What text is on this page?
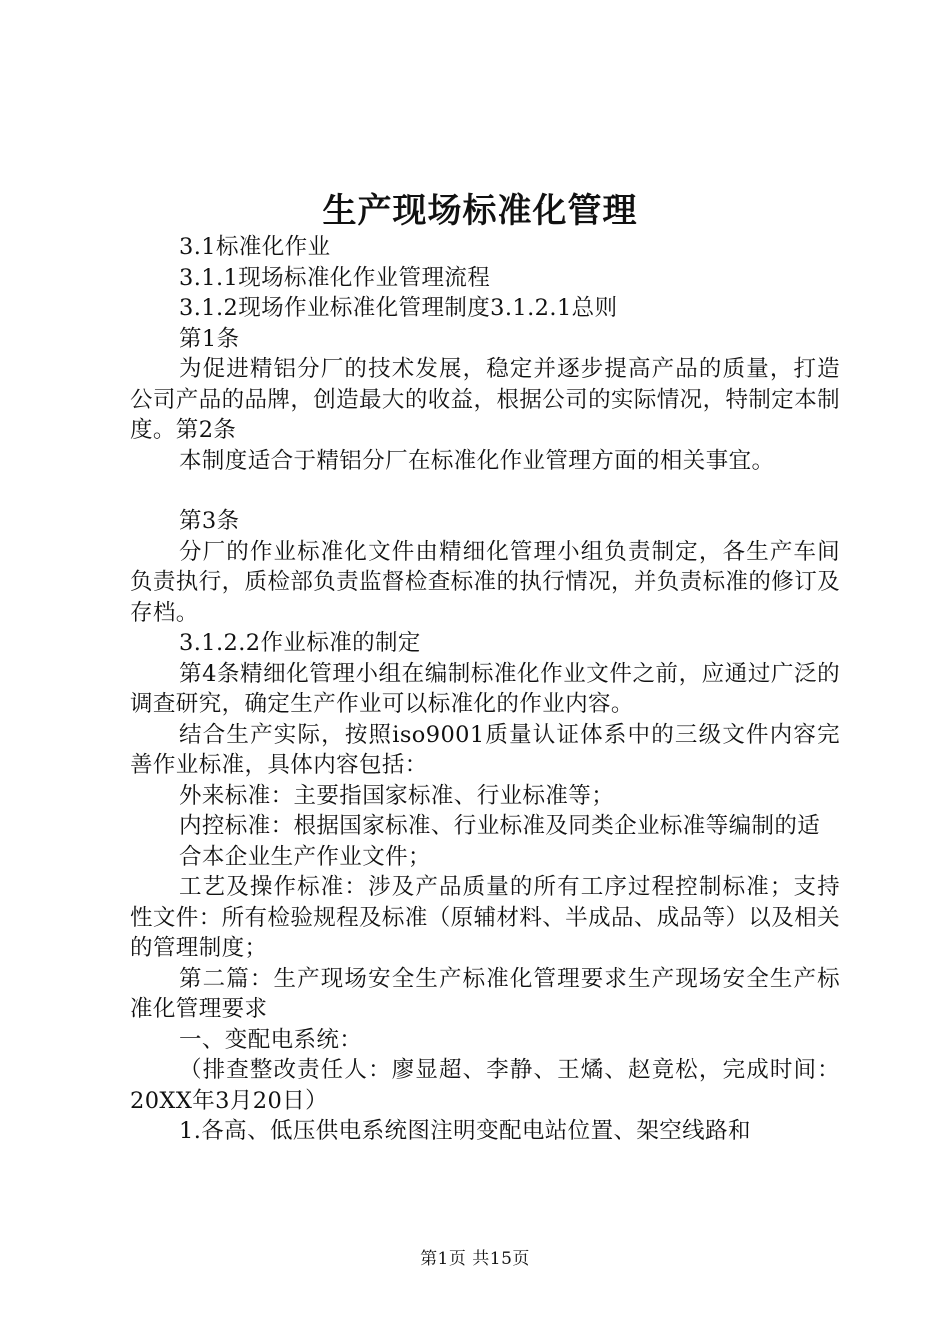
生产现场标准化管理

3.1标准化作业

3.1.1现场标准化作业管理流程

3.1.2现场作业标准化管理制度3.1.2.1总则

第1条

为促进精铝分厂的技术发展，稳定并逐步提高产品的质量，打造公司产品的品牌，创造最大的收益，根据公司的实际情况，特制定本制度。第2条

本制度适合于精铝分厂在标准化作业管理方面的相关事宜。

第3条

分厂的作业标准化文件由精细化管理小组负责制定，各生产车间负责执行，质检部负责监督检查标准的执行情况，并负责标准的修订及存档。

3.1.2.2作业标准的制定

第4条精细化管理小组在编制标准化作业文件之前，应通过广泛的调查研究，确定生产作业可以标准化的作业内容。

结合生产实际，按照iso9001质量认证体系中的三级文件内容完善作业标准，具体内容包括：

外来标准：主要指国家标准、行业标准等；

内控标准：根据国家标准、行业标准及同类企业标准等编制的适

合本企业生产作业文件；

工艺及操作标准：涉及产品质量的所有工序过程控制标准；支持性文件：所有检验规程及标准（原辅材料、半成品、成品等）以及相关的管理制度；

第二篇：生产现场安全生产标准化管理要求生产现场安全生产标准化管理要求

一、变配电系统：

（排查整改责任人：廖显超、李静、王燏、赵竟松，完成时间：20XX年3月20日）

1.各高、低压供电系统图注明变配电站位置、架空线路和

第1页 共15页
